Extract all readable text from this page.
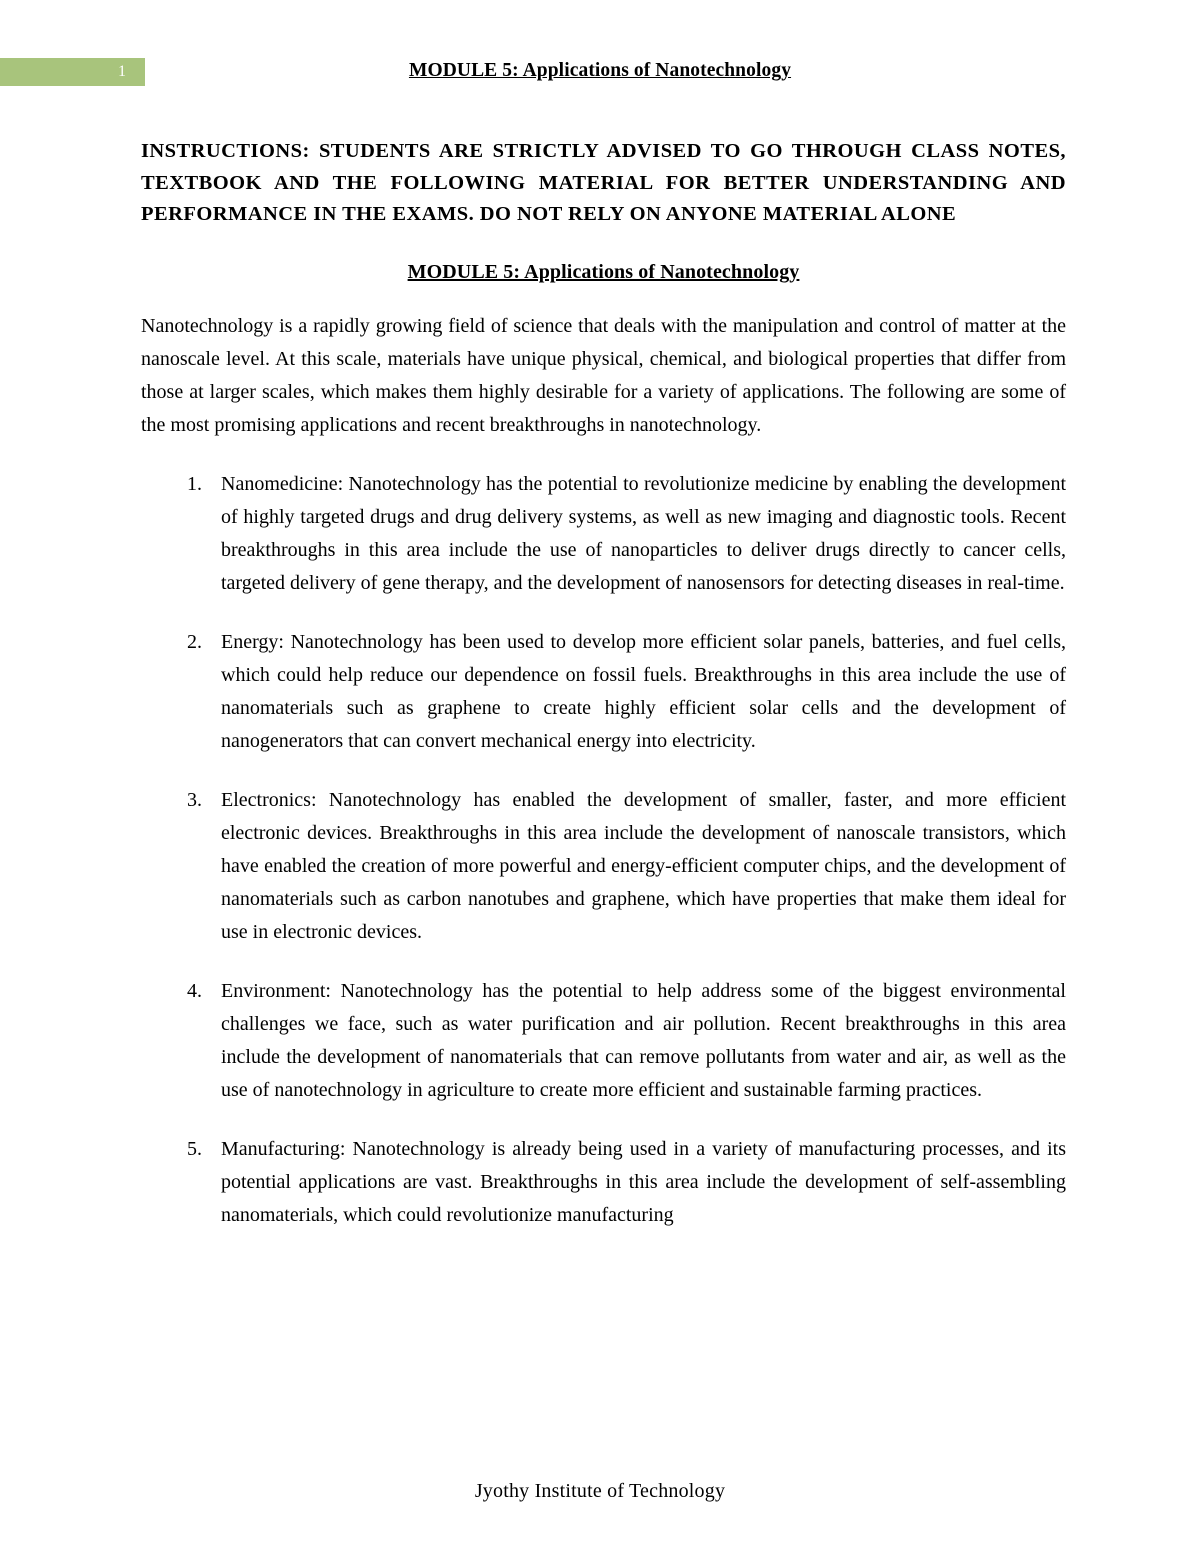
1	MODULE 5: Applications of Nanotechnology

INSTRUCTIONS: STUDENTS ARE STRICTLY ADVISED TO GO THROUGH CLASS NOTES, TEXTBOOK AND THE FOLLOWING MATERIAL FOR BETTER UNDERSTANDING AND PERFORMANCE IN THE EXAMS. DO NOT RELY ON ANYONE MATERIAL ALONE

MODULE 5: Applications of Nanotechnology

Nanotechnology is a rapidly growing field of science that deals with the manipulation and control of matter at the nanoscale level. At this scale, materials have unique physical, chemical, and biological properties that differ from those at larger scales, which makes them highly desirable for a variety of applications. The following are some of the most promising applications and recent breakthroughs in nanotechnology.

1. Nanomedicine: Nanotechnology has the potential to revolutionize medicine by enabling the development of highly targeted drugs and drug delivery systems, as well as new imaging and diagnostic tools. Recent breakthroughs in this area include the use of nanoparticles to deliver drugs directly to cancer cells, targeted delivery of gene therapy, and the development of nanosensors for detecting diseases in real-time.
2. Energy: Nanotechnology has been used to develop more efficient solar panels, batteries, and fuel cells, which could help reduce our dependence on fossil fuels. Breakthroughs in this area include the use of nanomaterials such as graphene to create highly efficient solar cells and the development of nanogenerators that can convert mechanical energy into electricity.
3. Electronics: Nanotechnology has enabled the development of smaller, faster, and more efficient electronic devices. Breakthroughs in this area include the development of nanoscale transistors, which have enabled the creation of more powerful and energy-efficient computer chips, and the development of nanomaterials such as carbon nanotubes and graphene, which have properties that make them ideal for use in electronic devices.
4. Environment: Nanotechnology has the potential to help address some of the biggest environmental challenges we face, such as water purification and air pollution. Recent breakthroughs in this area include the development of nanomaterials that can remove pollutants from water and air, as well as the use of nanotechnology in agriculture to create more efficient and sustainable farming practices.
5. Manufacturing: Nanotechnology is already being used in a variety of manufacturing processes, and its potential applications are vast. Breakthroughs in this area include the development of self-assembling nanomaterials, which could revolutionize manufacturing
Jyothy Institute of Technology
